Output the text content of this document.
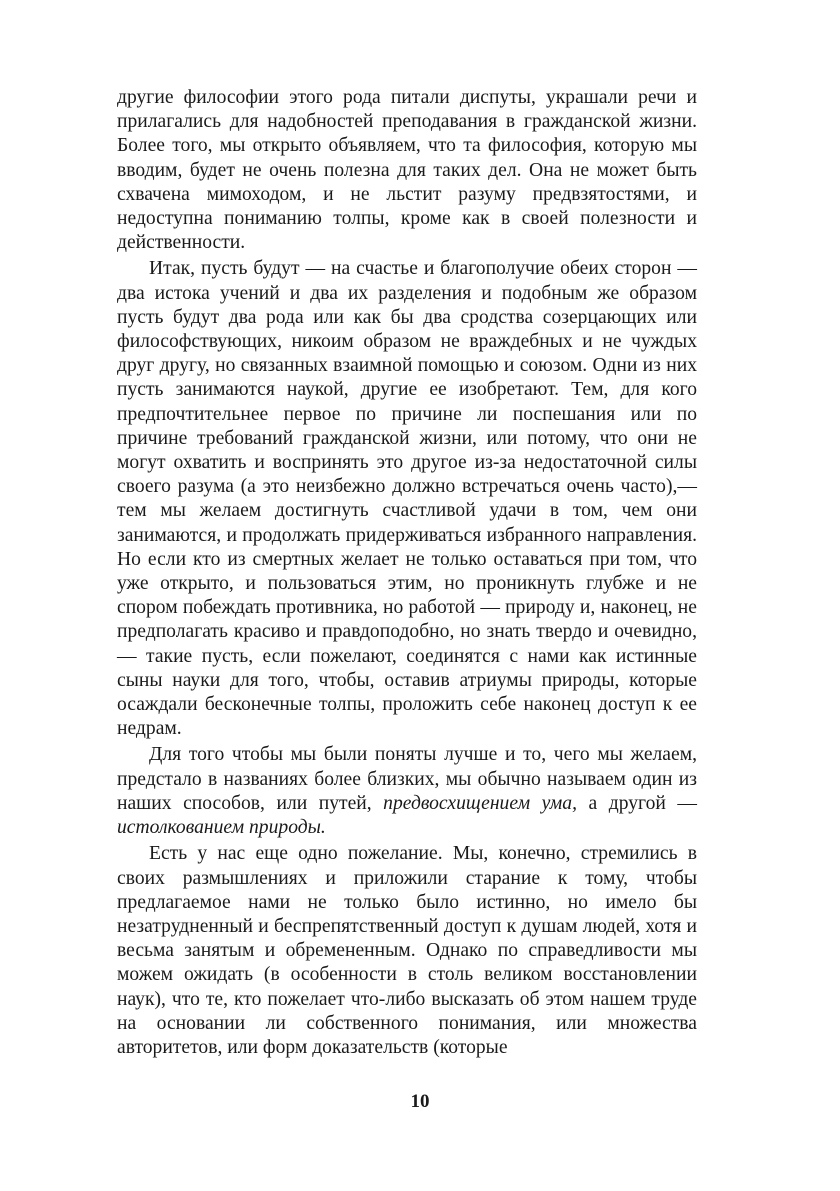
другие философии этого рода питали диспуты, украшали речи и прилагались для надобностей преподавания в гражданской жизни. Более того, мы открыто объявляем, что та философия, которую мы вводим, будет не очень полезна для таких дел. Она не может быть схвачена мимоходом, и не льстит разуму предвзятостями, и недоступна пониманию толпы, кроме как в своей полезности и действенности.

Итак, пусть будут — на счастье и благополучие обеих сторон — два истока учений и два их разделения и подобным же образом пусть будут два рода или как бы два сродства созерцающих или философствующих, никоим образом не враждебных и не чуждых друг другу, но связанных взаимной помощью и союзом. Одни из них пусть занимаются наукой, другие ее изобретают. Тем, для кого предпочтительнее первое по причине ли поспешания или по причине требований гражданской жизни, или потому, что они не могут охватить и воспринять это другое из-за недостаточной силы своего разума (а это неизбежно должно встречаться очень часто),— тем мы желаем достигнуть счастливой удачи в том, чем они занимаются, и продолжать придерживаться избранного направления. Но если кто из смертных желает не только оставаться при том, что уже открыто, и пользоваться этим, но проникнуть глубже и не спором побеждать противника, но работой — природу и, наконец, не предполагать красиво и правдоподобно, но знать твердо и очевидно,— такие пусть, если пожелают, соединятся с нами как истинные сыны науки для того, чтобы, оставив атриумы природы, которые осаждали бесконечные толпы, проложить себе наконец доступ к ее недрам.

Для того чтобы мы были поняты лучше и то, чего мы желаем, предстало в названиях более близких, мы обычно называем один из наших способов, или путей, предвосхищением ума, а другой — истолкованием природы.

Есть у нас еще одно пожелание. Мы, конечно, стремились в своих размышлениях и приложили старание к тому, чтобы предлагаемое нами не только было истинно, но имело бы незатрудненный и беспрепятственный доступ к душам людей, хотя и весьма занятым и обремененным. Однако по справедливости мы можем ожидать (в особенности в столь великом восстановлении наук), что те, кто пожелает что-либо высказать об этом нашем труде на основании ли собственного понимания, или множества авторитетов, или форм доказательств (которые

10
